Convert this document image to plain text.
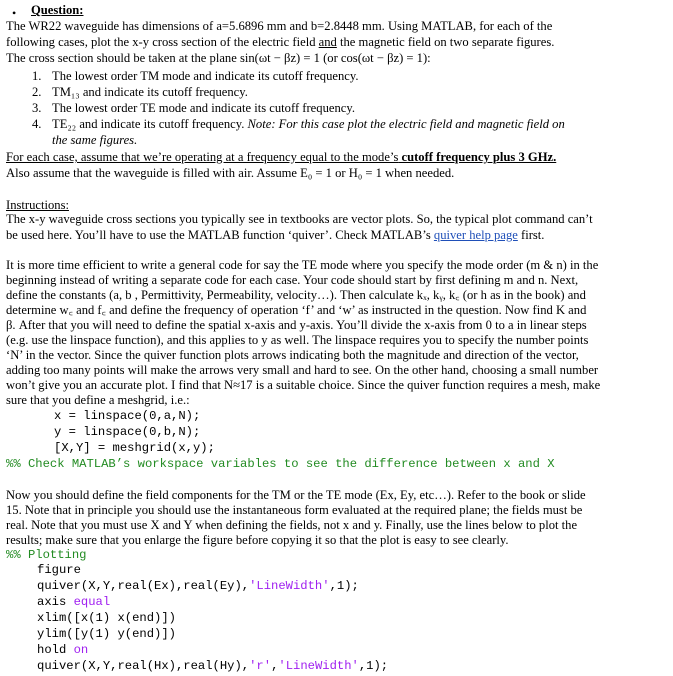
• Question:
The WR22 waveguide has dimensions of a=5.6896 mm and b=2.8448 mm. Using MATLAB, for each of the
following cases, plot the x-y cross section of the electric field and the magnetic field on two separate figures.
The cross section should be taken at the plane sin(ωt − βz) = 1 (or cos(ωt − βz) = 1):
1. The lowest order TM mode and indicate its cutoff frequency.
2. TM₁₃ and indicate its cutoff frequency.
3. The lowest order TE mode and indicate its cutoff frequency.
4. TE₂₂ and indicate its cutoff frequency. Note: For this case plot the electric field and magnetic field on
the same figures.
For each case, assume that we’re operating at a frequency equal to the mode’s cutoff frequency plus 3 GHz.
Also assume that the waveguide is filled with air. Assume E₀ = 1 or H₀ = 1 when needed.
Instructions:
The x-y waveguide cross sections you typically see in textbooks are vector plots. So, the typical plot command can’t
be used here. You’ll have to use the MATLAB function ‘quiver’. Check MATLAB’s quiver help page first.
It is more time efficient to write a general code for say the TE mode where you specify the mode order (m & n) in the
beginning instead of writing a separate code for each case. Your code should start by first defining m and n. Next,
define the constants (a, b , Permittivity, Permeability, velocity…). Then calculate kₓ, kᵧ, k꜀ (or h as in the book) and
determine w꜀ and f꜀ and define the frequency of operation ‘f’ and ‘w’ as instructed in the question. Now find K and
β. After that you will need to define the spatial x-axis and y-axis. You’ll divide the x-axis from 0 to a in linear steps
(e.g. use the linspace function), and this applies to y as well. The linspace requires you to specify the number points
‘N’ in the vector. Since the quiver function plots arrows indicating both the magnitude and direction of the vector,
adding too many points will make the arrows very small and hard to see. On the other hand, choosing a small number
won’t give you an accurate plot. I find that N≈17 is a suitable choice. Since the quiver function requires a mesh, make
sure that you define a meshgrid, i.e.:
x = linspace(0,a,N);
y = linspace(0,b,N);
[X,Y] = meshgrid(x,y);
%% Check MATLAB’s workspace variables to see the difference between x and X
Now you should define the field components for the TM or the TE mode (Ex, Ey, etc…). Refer to the book or slide
15. Note that in principle you should use the instantaneous form evaluated at the required plane; the fields must be
real. Note that you must use X and Y when defining the fields, not x and y. Finally, use the lines below to plot the
results; make sure that you enlarge the figure before copying it so that the plot is easy to see clearly.
%% Plotting
figure
quiver(X,Y,real(Ex),real(Ey),'LineWidth',1);
axis equal
xlim([x(1) x(end)])
ylim([y(1) y(end)])
hold on
quiver(X,Y,real(Hx),real(Hy),'r','LineWidth',1);
